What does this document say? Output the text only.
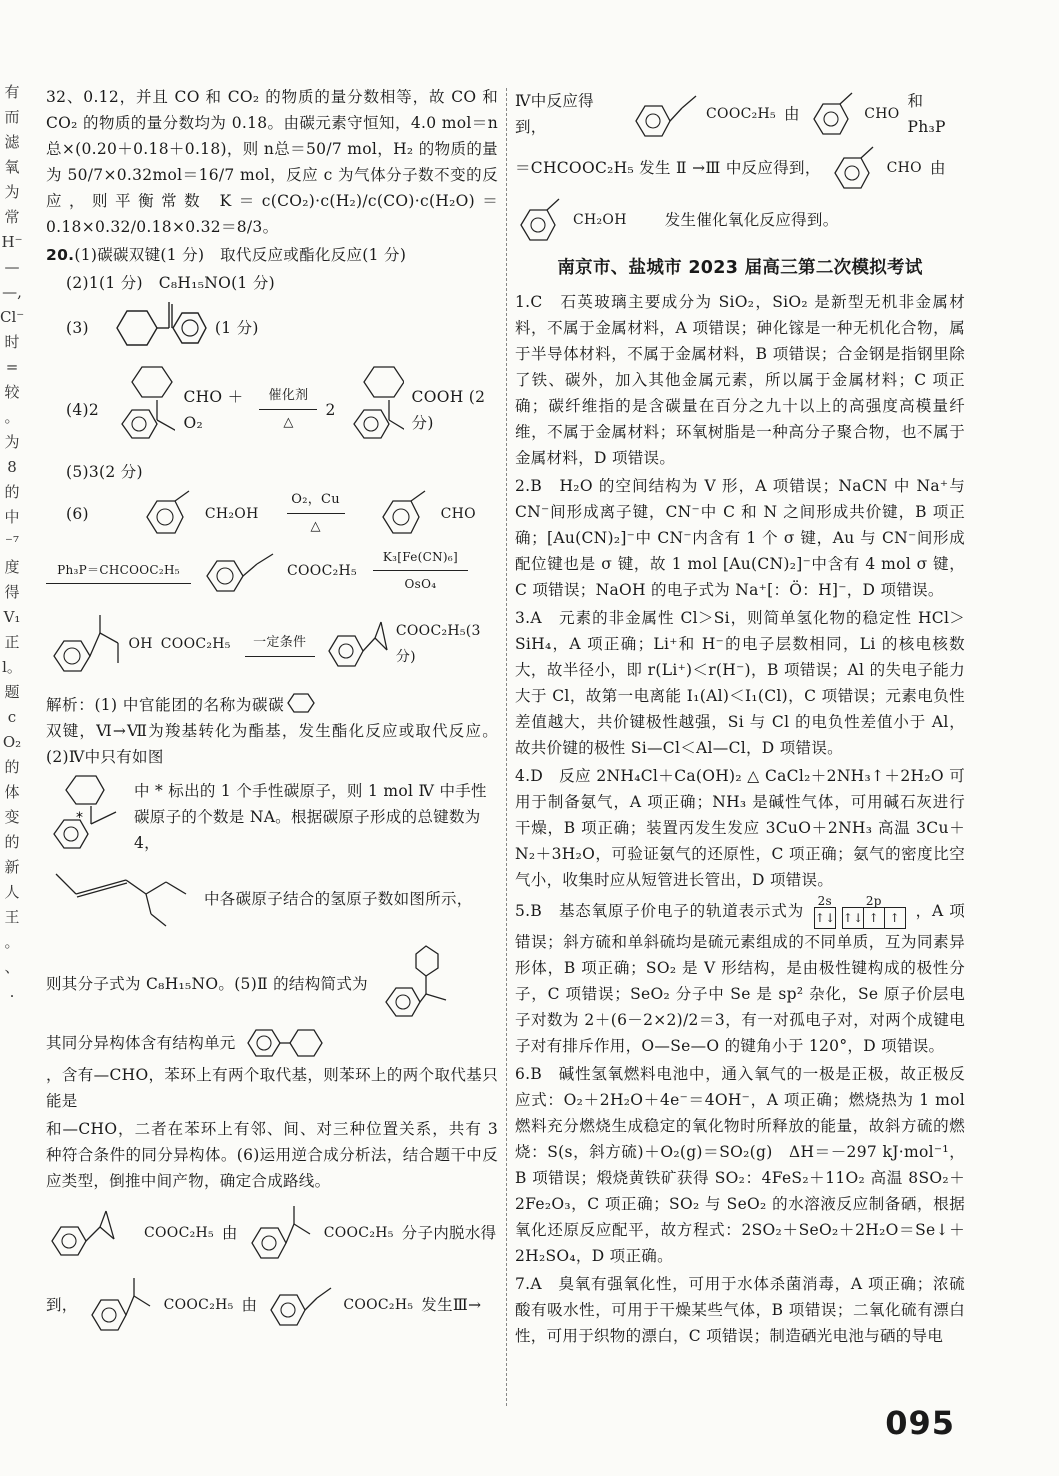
有
而
滤
氧
为
常
H⁻
—
—,
Cl⁻
时
=
较
。
为
8
的
中
⁻⁷
度
得
V₁
正
l。
题
c
O₂
的
体
变
的
新
人
王
。
、
.

32、0.12，并且 CO 和 CO₂ 的物质的量分数相等，故 CO 和 CO₂ 的物质的量分数均为 0.18。由碳元素守恒知，4.0 mol＝n总×(0.20＋0.18＋0.18)，则 n总＝50/7 mol，H₂ 的物质的量为 50/7×0.32mol＝16/7 mol，反应 c 为气体分子数不变的反应，则平衡常数 K＝c(CO₂)·c(H₂)/c(CO)·c(H₂O)＝0.18×0.32/0.18×0.32＝8/3。

20.(1)碳碳双键(1 分)　取代反应或酯化反应(1 分)

(2)1(1 分)　C₈H₁₅NO(1 分)

(3)	(1 分)
(4)2
CHO ＋O₂
催化剂
△
2
COOH (2 分)

(5)3(2 分)

(6)	CH₂OH
O₂，Cu
△
CHO
Ph₃P＝CHCOOC₂H₅	COOC₂H₅
K₃[Fe(CN)₆]
OsO₄
OH COOC₂H₅ 一定条件
COOC₂H₅(3 分)

解析：(1) 中官能团的名称为碳碳双键，Ⅵ→Ⅶ为羧基转化为酯基，发生酯化反应或取代反应。(2)Ⅳ中只有如图

*
中 * 标出的 1 个手性碳原子，则 1 mol Ⅳ 中手性碳原子的个数是 NA。根据碳原子形成的总键数为 4，
中各碳原子结合的氢原子数如图所示，
则其分子式为 C₈H₁₅NO。(5)Ⅱ 的结构简式为
其同分异构体含有结构单元

，含有—CHO，苯环上有两个取代基，则苯环上的两个取代基只能是

和—CHO，二者在苯环上有邻、间、对三种位置关系，共有 3 种符合条件的同分异构体。(6)运用逆合成分析法，结合题干中反应类型，倒推中间产物，确定合成路线。

COOC₂H₅ 由	COOC₂H₅ 分子内脱水得
到，	COOC₂H₅ 由	COOC₂H₅ 发生Ⅲ→
Ⅳ中反应得到，
COOC₂H₅ 由	CHO
和 Ph₃P
＝CHCOOC₂H₅ 发生 Ⅱ →Ⅲ 中反应得到，	CHO 由
CH₂OH 发生催化氧化反应得到。
南京市、盐城市 2023 届高三第二次模拟考试

1.C　石英玻璃主要成分为 SiO₂，SiO₂ 是新型无机非金属材料，不属于金属材料，A 项错误；砷化镓是一种无机化合物，属于半导体材料，不属于金属材料，B 项错误；合金钢是指钢里除了铁、碳外，加入其他金属元素，所以属于金属材料；C 项正确；碳纤维指的是含碳量在百分之九十以上的高强度高模量纤维，不属于金属材料；环氧树脂是一种高分子聚合物，也不属于金属材料，D 项错误。

2.B　H₂O 的空间结构为 V 形，A 项错误；NaCN 中 Na⁺与 CN⁻间形成离子键，CN⁻中 C 和 N 之间形成共价键，B 项正确；[Au(CN)₂]⁻中 CN⁻内含有 1 个 σ 键，Au 与 CN⁻间形成配位键也是 σ 键，故 1 mol [Au(CN)₂]⁻中含有 4 mol σ 键，C 项错误；NaOH 的电子式为 Na⁺[：Ö：H]⁻，D 项错误。

3.A　元素的非金属性 Cl＞Si，则简单氢化物的稳定性 HCl＞SiH₄，A 项正确；Li⁺和 H⁻的电子层数相同，Li 的核电核数大，故半径小，即 r(Li⁺)＜r(H⁻)，B 项错误；Al 的失电子能力大于 Cl，故第一电离能 I₁(Al)＜I₁(Cl)，C 项错误；元素电负性差值越大，共价键极性越强，Si 与 Cl 的电负性差值小于 Al，故共价键的极性 Si—Cl＜Al—Cl，D 项错误。

4.D　反应 2NH₄Cl＋Ca(OH)₂ △ CaCl₂＋2NH₃↑＋2H₂O 可用于制备氨气，A 项正确；NH₃ 是碱性气体，可用碱石灰进行干燥，B 项正确；装置丙发生发应 3CuO＋2NH₃ 高温 3Cu＋N₂＋3H₂O，可验证氨气的还原性，C 项正确；氨气的密度比空气小，收集时应从短管进长管出，D 项错误。

5.B　基态氧原子价电子的轨道表示式为
2s
↑↓
2p
↑↓ ↑ ↑	，A 项错误；斜方硫和单斜硫均是硫元素组成的不同单质，互为同素异形体，B 项正确；SO₂ 是 V 形结构，是由极性键构成的极性分子，C 项错误；SeO₂ 分子中 Se 是 sp² 杂化，Se 原子价层电子对数为 2＋(6－2×2)/2＝3，有一对孤电子对，对两个成键电子对有排斥作用，O—Se—O 的键角小于 120°，D 项错误。

6.B　碱性氢氧燃料电池中，通入氧气的一极是正极，故正极反应式：O₂＋2H₂O＋4e⁻＝4OH⁻，A 项正确；燃烧热为 1 mol 燃料充分燃烧生成稳定的氧化物时所释放的能量，故斜方硫的燃烧：S(s，斜方硫)＋O₂(g)＝SO₂(g)　ΔH＝－297 kJ·mol⁻¹，B 项错误；煅烧黄铁矿获得 SO₂：4FeS₂＋11O₂ 高温 8SO₂＋2Fe₂O₃，C 项正确；SO₂ 与 SeO₂ 的水溶液反应制备硒，根据氧化还原反应配平，故方程式：2SO₂＋SeO₂＋2H₂O＝Se↓＋2H₂SO₄，D 项正确。

7.A　臭氧有强氧化性，可用于水体杀菌消毒，A 项正确；浓硫酸有吸水性，可用于干燥某些气体，B 项错误；二氧化硫有漂白性，可用于织物的漂白，C 项错误；制造硒光电池与硒的导电

095
